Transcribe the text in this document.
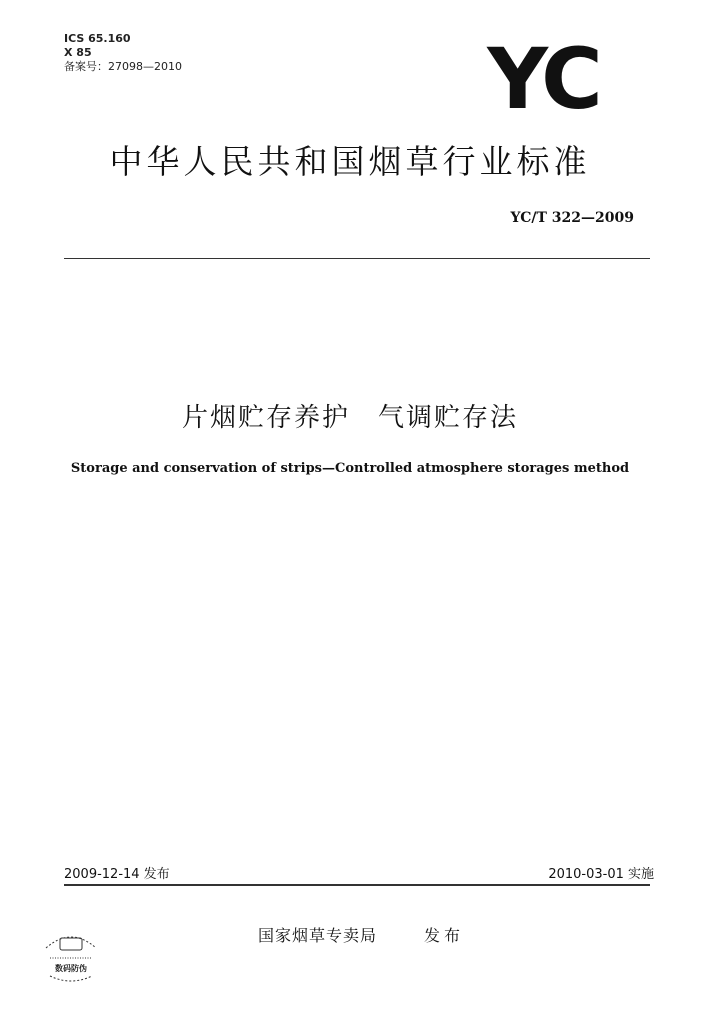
ICS 65.160
X 85
备案号：27098—2010	YC
中华人民共和国烟草行业标准
YC/T 322—2009
片烟贮存养护　气调贮存法
Storage and conservation of strips—Controlled atmosphere storages method
2009-12-14 发布	2010-03-01 实施
数码防伪
国家烟草专卖局	发布
